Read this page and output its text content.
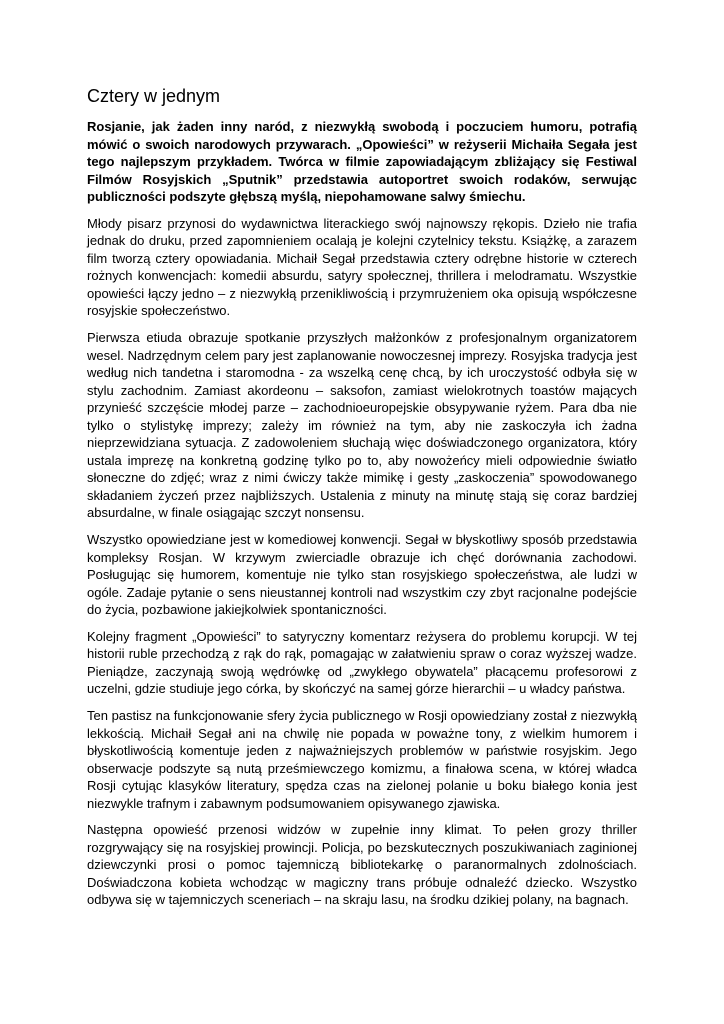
Cztery w jednym

Rosjanie, jak żaden inny naród, z niezwykłą swobodą i poczuciem humoru, potrafią mówić o swoich narodowych przywarach. „Opowieści” w reżyserii Michaiła Segała jest tego najlepszym przykładem. Twórca w filmie zapowiadającym zbliżający się Festiwal Filmów Rosyjskich „Sputnik” przedstawia autoportret swoich rodaków, serwując publiczności podszyte głębszą myślą, niepohamowane salwy śmiechu.

Młody pisarz przynosi do wydawnictwa literackiego swój najnowszy rękopis. Dzieło nie trafia jednak do druku, przed zapomnieniem ocalają je kolejni czytelnicy tekstu. Książkę, a zarazem film tworzą cztery opowiadania. Michaił Segał przedstawia cztery odrębne historie w czterech rożnych konwencjach: komedii absurdu, satyry społecznej, thrillera i melodramatu. Wszystkie opowieści łączy jedno – z niezwykłą przenikliwością i przymrużeniem oka opisują współczesne rosyjskie społeczeństwo.

Pierwsza etiuda obrazuje spotkanie przyszłych małżonków z profesjonalnym organizatorem wesel. Nadrzędnym celem pary jest zaplanowanie nowoczesnej imprezy. Rosyjska tradycja jest według nich tandetna i staromodna - za wszelką cenę chcą, by ich uroczystość odbyła się w stylu zachodnim. Zamiast akordeonu – saksofon, zamiast wielokrotnych toastów mających przynieść szczęście młodej parze – zachodnioeuropejskie obsypywanie ryżem. Para dba nie tylko o stylistykę imprezy; zależy im również na tym, aby nie zaskoczyła ich żadna nieprzewidziana sytuacja. Z zadowoleniem słuchają więc doświadczonego organizatora, który ustala imprezę na konkretną godzinę tylko po to, aby nowożeńcy mieli odpowiednie światło słoneczne do zdjęć; wraz z nimi ćwiczy także mimikę i gesty „zaskoczenia” spowodowanego składaniem życzeń przez najbliższych. Ustalenia z minuty na minutę stają się coraz bardziej absurdalne, w finale osiągając szczyt nonsensu.

Wszystko opowiedziane jest w komediowej konwencji. Segał w błyskotliwy sposób przedstawia kompleksy Rosjan. W krzywym zwierciadle obrazuje ich chęć dorównania zachodowi. Posługując się humorem, komentuje nie tylko stan rosyjskiego społeczeństwa, ale ludzi w ogóle. Zadaje pytanie o sens nieustannej kontroli nad wszystkim czy zbyt racjonalne podejście do życia, pozbawione jakiejkolwiek spontaniczności.

Kolejny fragment „Opowieści” to satyryczny komentarz reżysera do problemu korupcji. W tej historii ruble przechodzą z rąk do rąk, pomagając w załatwieniu spraw o coraz wyższej wadze. Pieniądze, zaczynają swoją wędrówkę od „zwykłego obywatela” płacącemu profesorowi z uczelni, gdzie studiuje jego córka, by skończyć na samej górze hierarchii – u władcy państwa.

Ten pastisz na funkcjonowanie sfery życia publicznego w Rosji opowiedziany został z niezwykłą lekkością. Michaił Segał ani na chwilę nie popada w poważne tony, z wielkim humorem i błyskotliwością komentuje jeden z najważniejszych problemów w państwie rosyjskim. Jego obserwacje podszyte są nutą prześmiewczego komizmu, a finałowa scena, w której władca Rosji cytując klasyków literatury, spędza czas na zielonej polanie u boku białego konia jest niezwykle trafnym i zabawnym podsumowaniem opisywanego zjawiska.

Następna opowieść przenosi widzów w zupełnie inny klimat. To pełen grozy thriller rozgrywający się na rosyjskiej prowincji. Policja, po bezskutecznych poszukiwaniach zaginionej dziewczynki prosi o pomoc tajemniczą bibliotekarkę o paranormalnych zdolnościach. Doświadczona kobieta wchodząc w magiczny trans próbuje odnaleźć dziecko. Wszystko odbywa się w tajemniczych sceneriach – na skraju lasu, na środku dzikiej polany, na bagnach.
